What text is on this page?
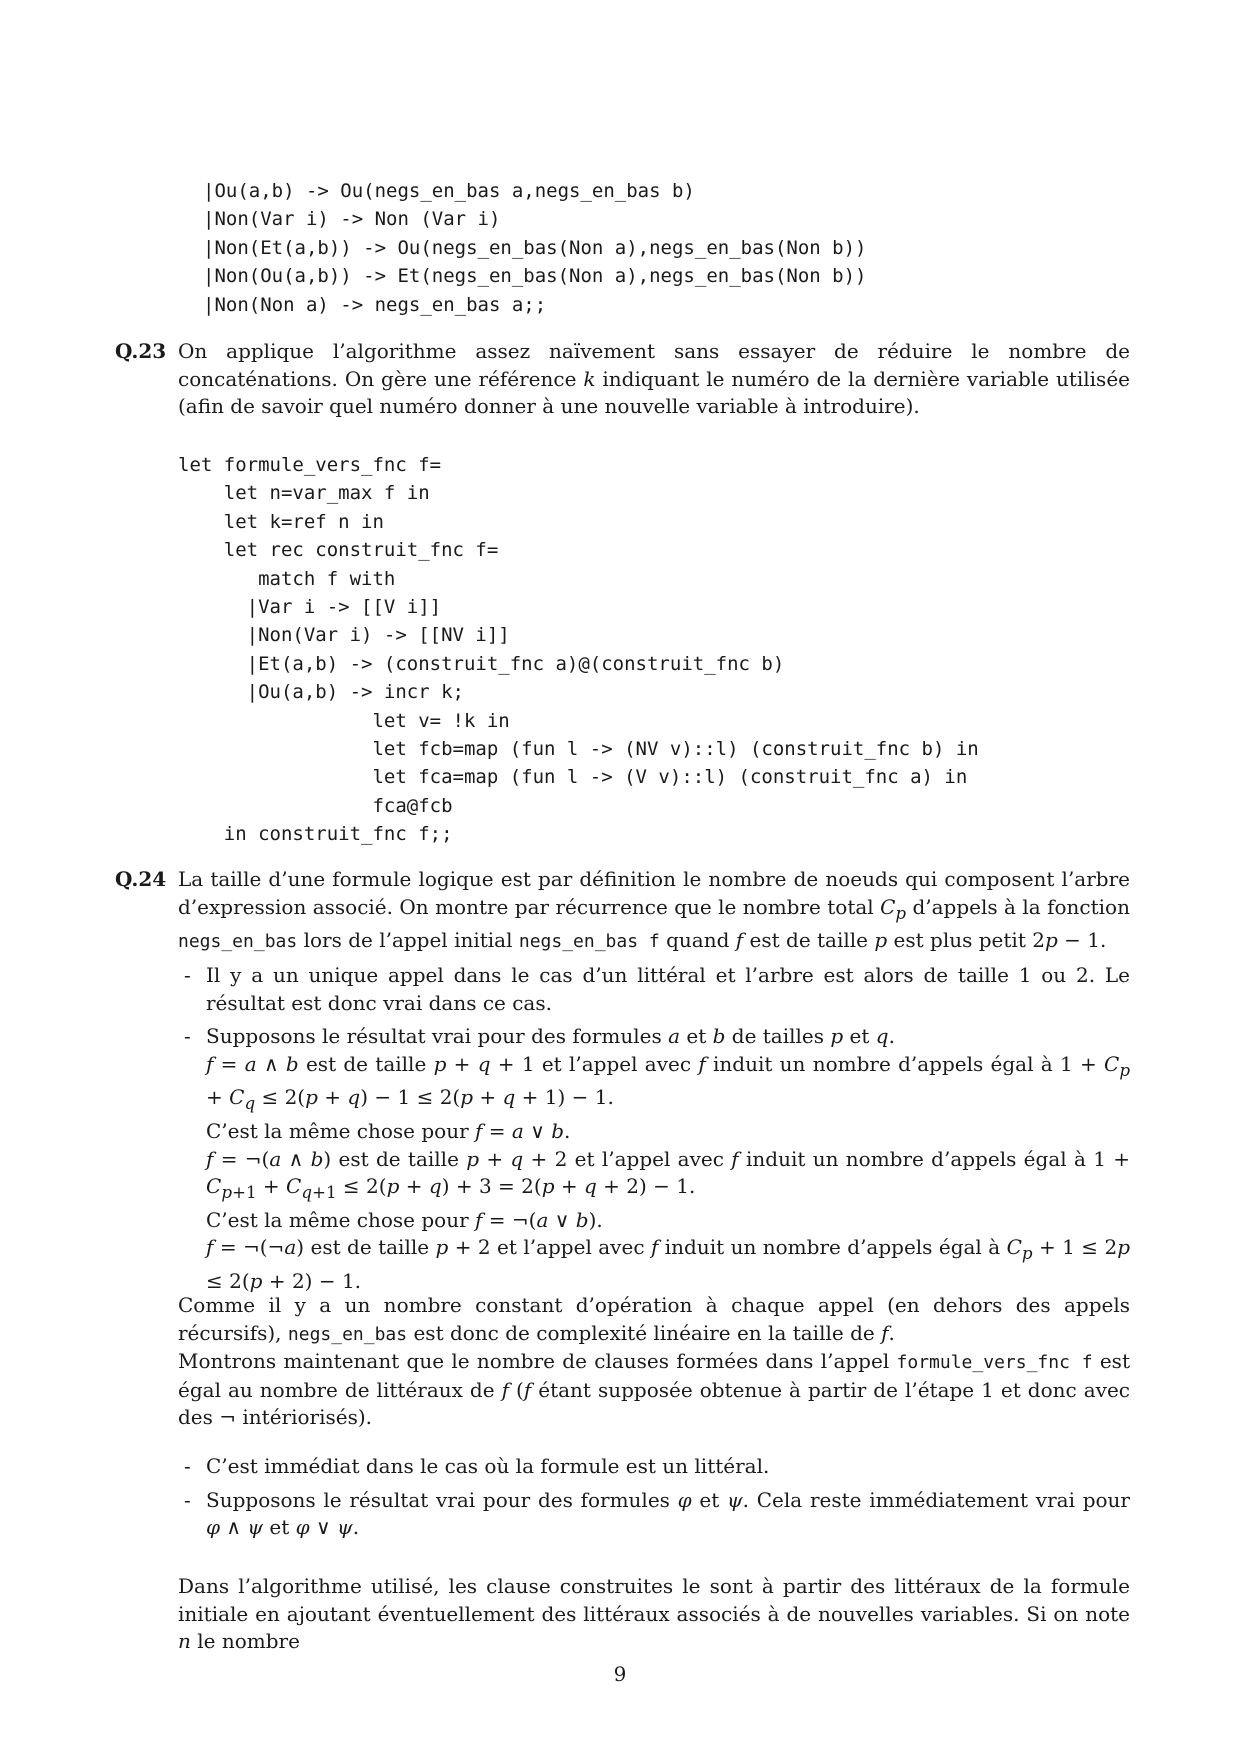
|Ou(a,b) -> Ou(negs_en_bas a,negs_en_bas b)
|Non(Var i) -> Non (Var i)
|Non(Et(a,b)) -> Ou(negs_en_bas(Non a),negs_en_bas(Non b))
|Non(Ou(a,b)) -> Et(negs_en_bas(Non a),negs_en_bas(Non b))
|Non(Non a) -> negs_en_bas a;;
Q.23 On applique l’algorithme assez naïvement sans essayer de réduire le nombre de concaténations. On gère une référence k indiquant le numéro de la dernière variable utilisée (afin de savoir quel numéro donner à une nouvelle variable à introduire).
let formule_vers_fnc f=
let n=var_max f in
let k=ref n in
let rec construit_fnc f=
match f with
|Var i -> [[V i]]
|Non(Var i) -> [[NV i]]
|Et(a,b) -> (construit_fnc a)@(construit_fnc b)
|Ou(a,b) -> incr k;
let v= !k in
let fcb=map (fun l -> (NV v)::l) (construit_fnc b) in
let fca=map (fun l -> (V v)::l) (construit_fnc a) in
fca@fcb
in construit_fnc f;;
Q.24 La taille d’une formule logique est par définition le nombre de noeuds qui composent l’arbre d’expression associé. On montre par récurrence que le nombre total $C_p$ d’appels à la fonction negs_en_bas lors de l’appel initial negs_en_bas f quand f est de taille p est plus petit 2p − 1.
- Il y a un unique appel dans le cas d’un littéral et l’arbre est alors de taille 1 ou 2. Le résultat est donc vrai dans ce cas.
- Supposons le résultat vrai pour des formules a et b de tailles p et q.
f = a ∧ b est de taille p + q + 1 et l’appel avec f induit un nombre d’appels égal à $1 + C_p + C_q \le 2(p + q) - 1 \le 2(p + q + 1) - 1$.
C’est la même chose pour f = a ∨ b.
f = ¬(a ∧ b) est de taille p + q + 2 et l’appel avec f induit un nombre d’appels égal à $1 + C_{p+1} + C_{q+1} \le 2(p + q) + 3 = 2(p + q + 2) - 1$.
C’est la même chose pour f = ¬(a ∨ b).
f = ¬(¬a) est de taille p + 2 et l’appel avec f induit un nombre d’appels égal à $C_p + 1 \le 2p \le 2(p + 2) - 1$.
Comme il y a un nombre constant d’opération à chaque appel (en dehors des appels récursifs), negs_en_bas est donc de complexité linéaire en la taille de f.
Montrons maintenant que le nombre de clauses formées dans l’appel formule_vers_fnc f est égal au nombre de littéraux de f (f étant supposée obtenue à partir de l’étape 1 et donc avec des ¬ intériorisés).
- C’est immédiat dans le cas où la formule est un littéral.
- Supposons le résultat vrai pour des formules φ et ψ. Cela reste immédiatement vrai pour φ ∧ ψ et φ ∨ ψ.
Dans l’algorithme utilisé, les clause construites le sont à partir des littéraux de la formule initiale en ajoutant éventuellement des littéraux associés à de nouvelles variables. Si on note n le nombre
9
